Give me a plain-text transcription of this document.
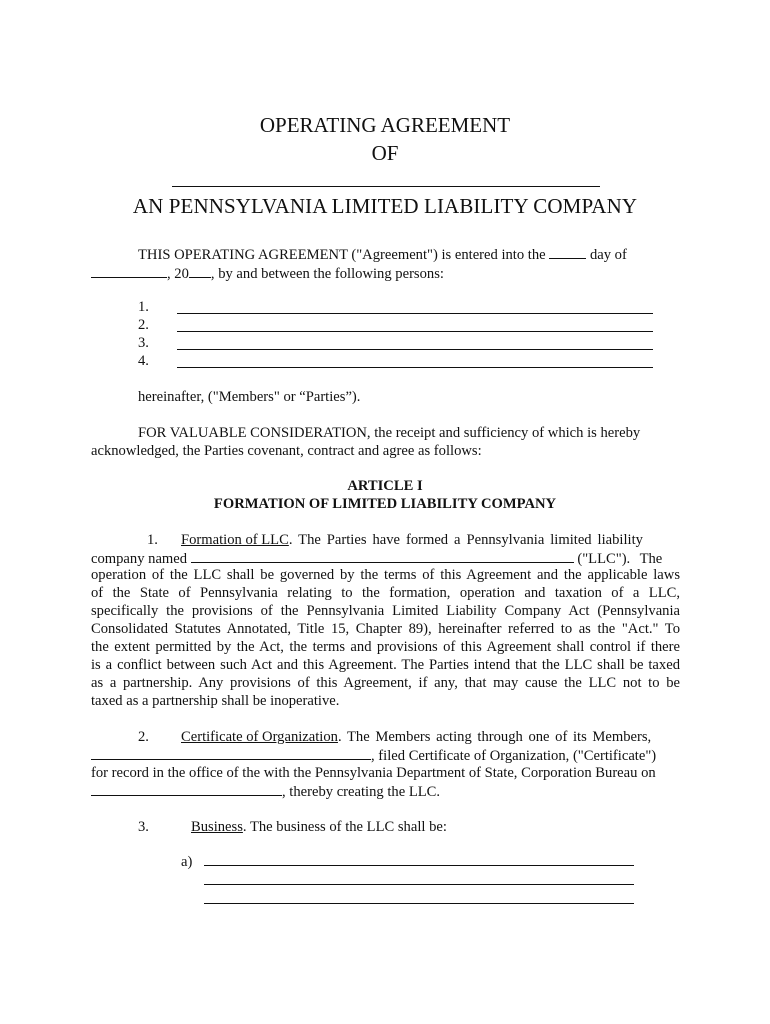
OPERATING AGREEMENT
OF
AN PENNSYLVANIA LIMITED LIABILITY COMPANY
THIS OPERATING AGREEMENT ("Agreement") is entered into the	day of
, 20 , by and between the following persons:
1.
2.
3.
4.
hereinafter, ("Members" or “Parties”).
FOR VALUABLE CONSIDERATION, the receipt and sufficiency of which is hereby
acknowledged, the Parties covenant, contract and agree as follows:
ARTICLE I
FORMATION OF LIMITED LIABILITY COMPANY
1. Formation of LLC. The Parties have formed a Pennsylvania limited liability
company named	("LLC"). The
operation of the LLC shall be governed by the terms of this Agreement and the applicable laws
of the State of Pennsylvania relating to the formation, operation and taxation of a LLC,
specifically the provisions of the Pennsylvania Limited Liability Company Act (Pennsylvania
Consolidated Statutes Annotated, Title 15, Chapter 89), hereinafter referred to as the "Act." To
the extent permitted by the Act, the terms and provisions of this Agreement shall control if there
is a conflict between such Act and this Agreement. The Parties intend that the LLC shall be taxed
as a partnership. Any provisions of this Agreement, if any, that may cause the LLC not to be
taxed as a partnership shall be inoperative.
2. Certificate of Organization. The Members acting through one of its Members,
, filed Certificate of Organization, ("Certificate")
for record in the office of the with the Pennsylvania Department of State, Corporation Bureau on
, thereby creating the LLC.
3.	Business. The business of the LLC shall be:
a)
